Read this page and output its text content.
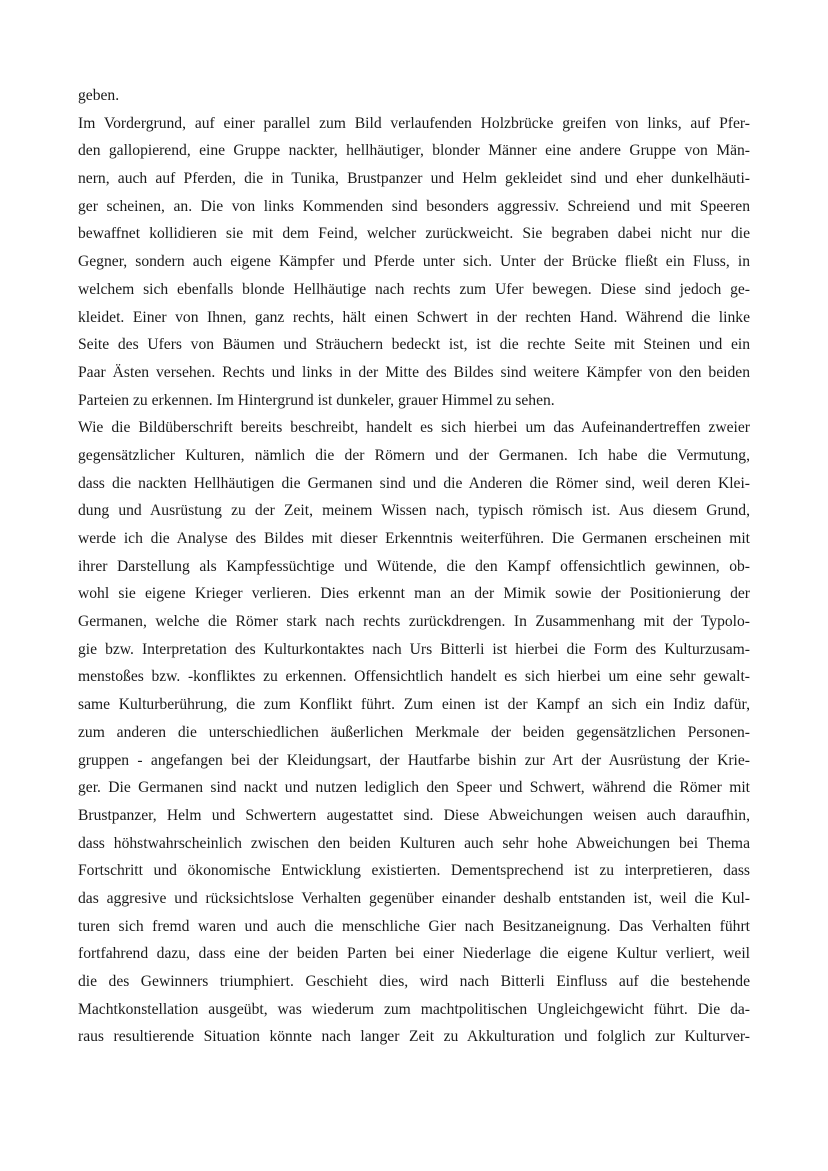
geben.
Im Vordergrund, auf einer parallel zum Bild verlaufenden Holzbrücke greifen von links, auf Pfer-
den gallopierend, eine Gruppe nackter, hellhäutiger, blonder Männer eine andere Gruppe von Män-
nern, auch auf Pferden, die in Tunika, Brustpanzer und Helm gekleidet sind und eher dunkelhäuti-
ger scheinen, an. Die von links Kommenden sind besonders aggressiv. Schreiend und mit Speeren
bewaffnet kollidieren sie mit dem Feind, welcher zurückweicht. Sie begraben dabei nicht nur die
Gegner, sondern auch eigene Kämpfer und Pferde unter sich. Unter der Brücke fließt ein Fluss, in
welchem sich ebenfalls blonde Hellhäutige nach rechts zum Ufer bewegen. Diese sind jedoch ge-
kleidet. Einer von Ihnen, ganz rechts, hält einen Schwert in der rechten Hand. Während die linke
Seite des Ufers von Bäumen und Sträuchern bedeckt ist, ist die rechte Seite mit Steinen und ein
Paar Ästen versehen. Rechts und links in der Mitte des Bildes sind weitere Kämpfer von den beiden
Parteien zu erkennen. Im Hintergrund ist dunkeler, grauer Himmel zu sehen.
Wie die Bildüberschrift bereits beschreibt, handelt es sich hierbei um das Aufeinandertreffen zweier
gegensätzlicher Kulturen, nämlich die der Römern und der Germanen. Ich habe die Vermutung,
dass die nackten Hellhäutigen die Germanen sind und die Anderen die Römer sind, weil deren Klei-
dung und Ausrüstung zu der Zeit, meinem Wissen nach, typisch römisch ist. Aus diesem Grund,
werde ich die Analyse des Bildes mit dieser Erkenntnis weiterführen. Die Germanen erscheinen mit
ihrer Darstellung als Kampfessüchtige und Wütende, die den Kampf offensichtlich gewinnen, ob-
wohl sie eigene Krieger verlieren. Dies erkennt man an der Mimik sowie der Positionierung der
Germanen, welche die Römer stark nach rechts zurückdrengen. In Zusammenhang mit der Typolo-
gie bzw. Interpretation des Kulturkontaktes nach Urs Bitterli ist hierbei die Form des Kulturzusam-
menstoßes bzw. -konfliktes zu erkennen. Offensichtlich handelt es sich hierbei um eine sehr gewalt-
same Kulturberührung, die zum Konflikt führt. Zum einen ist der Kampf an sich ein Indiz dafür,
zum anderen die unterschiedlichen äußerlichen Merkmale der beiden gegensätzlichen Personen-
gruppen - angefangen bei der Kleidungsart, der Hautfarbe bishin zur Art der Ausrüstung der Krie-
ger. Die Germanen sind nackt und nutzen lediglich den Speer und Schwert, während die Römer mit
Brustpanzer, Helm und Schwertern augestattet sind. Diese Abweichungen weisen auch daraufhin,
dass höhstwahrscheinlich zwischen den beiden Kulturen auch sehr hohe Abweichungen bei Thema
Fortschritt und ökonomische Entwicklung existierten. Dementsprechend ist zu interpretieren, dass
das aggresive und rücksichtslose Verhalten gegenüber einander deshalb entstanden ist, weil die Kul-
turen sich fremd waren und auch die menschliche Gier nach Besitzaneignung. Das Verhalten führt
fortfahrend dazu, dass eine der beiden Parten bei einer Niederlage die eigene Kultur verliert, weil
die des Gewinners triumphiert. Geschieht dies, wird nach Bitterli Einfluss auf die bestehende
Machtkonstellation ausgeübt, was wiederum zum machtpolitischen Ungleichgewicht führt. Die da-
raus resultierende Situation könnte nach langer Zeit zu Akkulturation und folglich zur Kulturver-
